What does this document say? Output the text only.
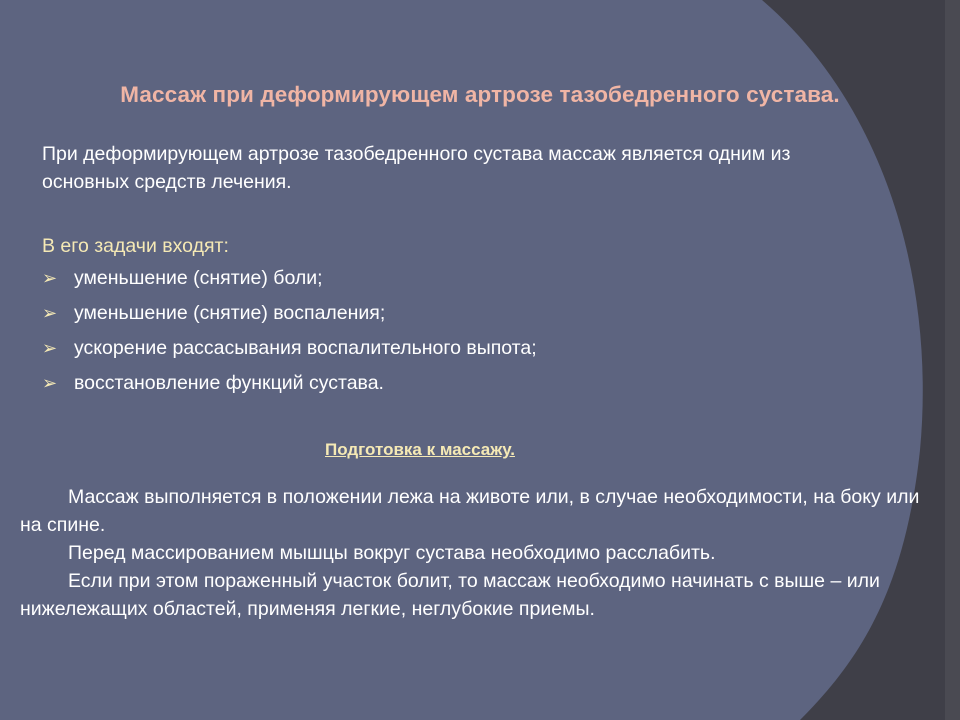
Массаж при деформирующем артрозе тазобедренного сустава.
При деформирующем артрозе тазобедренного сустава массаж является одним из основных средств лечения.
В его задачи входят:
➢ уменьшение (снятие) боли;
➢ уменьшение (снятие) воспаления;
➢ ускорение рассасывания воспалительного выпота;
➢ восстановление функций сустава.
Подготовка к массажу.

Массаж выполняется в положении лежа на животе или, в случае необходимости, на боку или на спине.

Перед массированием мышцы вокруг сустава необходимо расслабить.

Если при этом пораженный участок болит, то массаж необходимо начинать с выше – или нижележащих областей, применяя легкие, неглубокие приемы.
